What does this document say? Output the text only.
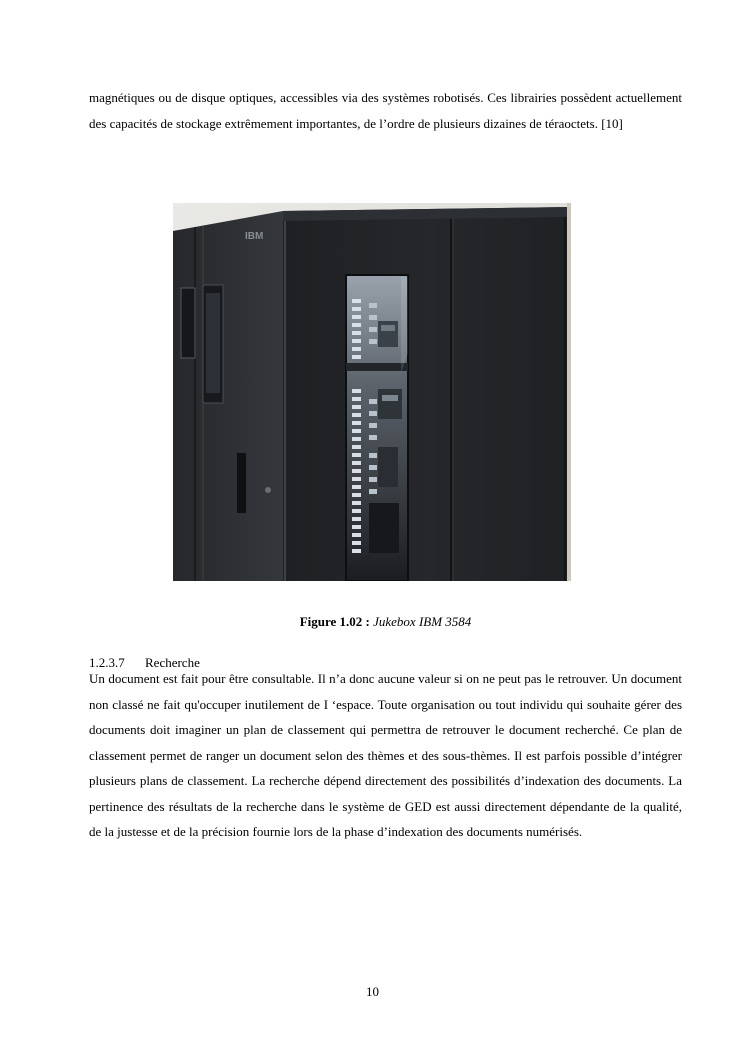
magnétiques ou de disque optiques, accessibles via des systèmes robotisés. Ces librairies possèdent actuellement des capacités de stockage extrêmement importantes, de l’ordre de plusieurs dizaines de téraoctets. [10]

IBM
Figure 1.02 : Jukebox IBM 3584
1.2.3.7 Recherche

Un document est fait pour être consultable. Il n’a donc aucune valeur si on ne peut pas le retrouver. Un document non classé ne fait qu'occuper inutilement de I ‘espace. Toute organisation ou tout individu qui souhaite gérer des documents doit imaginer un plan de classement qui permettra de retrouver le document recherché. Ce plan de classement permet de ranger un document selon des thèmes et des sous-thèmes. Il est parfois possible d’intégrer plusieurs plans de classement. La recherche dépend directement des possibilités d’indexation des documents. La pertinence des résultats de la recherche dans le système de GED est aussi directement dépendante de la qualité, de la justesse et de la précision fournie lors de la phase d’indexation des documents numérisés.

10
